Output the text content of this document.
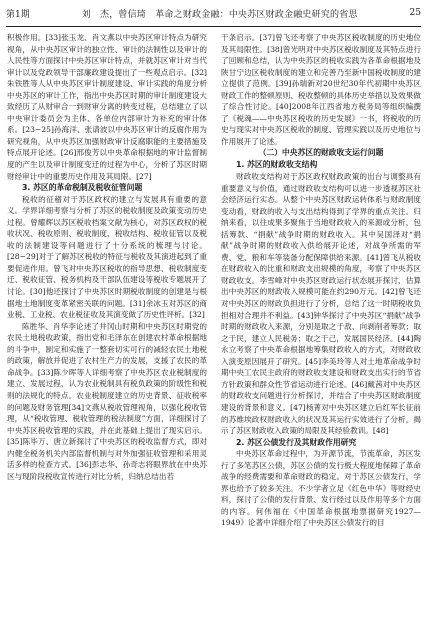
第1期	刘　杰，曾信琦　革命之财政金融：中央苏区财政金融史研究的省思	25

积极作用。[33]张玉龙、肖文燕以中央苏区审计特点为研究视角，从中央苏区审计的独立性、审计的法制性以及审计的人民性等方面探讨中央苏区审计特点，并就苏区审计对当代审计以及党政领导干部廉政建设提出了一些观点启示。[32]朱铁胜等人从中央苏区审计制度建设、审计实践的角度分析中央苏区的审计工作，指出中央苏区时期的审计制度建设大致经历了从财审合一到财审分离的转变过程，总结建立了以中央审计委员会为主体、各单位内部审计为补充的审计体系。[23−25]孙海洋、张请波以中央苏区审计的反腐作用为研究视角，从中央苏区加强财政审计反腐职能的主要措施及特点展开论述。[26]邢俊芳以中央革命根据地的审计监督制度的产生以及审计制度变迁的过程为中心，分析了苏区时期财经审计中的重要历史作用及其局限。[27]

3. 苏区的革命税制及税收征管问题

税收的征稽对于苏区政权的建立与发展具有重要的意义。学界详细考察与分析了苏区的税收制度及政策变动历史过程。曾耀辉以苏区税收档案文献为核心，对苏区政权的税收状况、税收原则、税收制度、税收结构、税收征管以及税收的法制建设等问题进行了十分系统的梳理与讨论。[28−29]对于了解苏区税收的特征与税收及其演进起到了重要促进作用。曾飞对中央苏区税收的指导思想、税收制度变迁、税收征管、税务机构及干部队伍建设等税收专题展开了讨论。[30]他还探讨了中央苏区时期税收制度的创建是与根据地土地制度变革紧密关联的问题。[31]余冰玉对苏区的商业税、工业税、农业税征收及其演变做了历史性评析。[32]

陈胜华、肖华李论述了井冈山时期和中央苏区时期党的农民土地税收政策，指出党和毛泽东在创建农村革命根据地的斗争中，制定和实施了一整套切实可行的减轻农民土地税的政策，解放并促进了农村生产力的发展，支援了农民的革命战争。[33]陈少晖等人详细考察了中央苏区农业税制度的建立、发展过程，认为农业税制具有税负政策的阶级性和税则的法规化的特点。农业税制度建立的历史背景、征收税率的问题及财务管理[34]文燕从税收管理视角，以强化税收管理，从“税收管理、税收管理的税法制度”方面，详细探讨了中央苏区税收管理的实践，并在此基础上提出了现实启示。[35]陈毕万、唐立新探讨了中央苏区的税收监督方式，即对内健全税务机关内部监督机制与对外加强征收管理和采用灵活多样的检查方式。[36]彭志华、孙奇志将眼界放在中央苏区与现阶段税收宣传进行对比分析，归纳总结出若

干条启示。[37]曾飞还考察了中央苏区税收制度的历史地位及其局限性。[38]曾光明对中央苏区税收制度及其特点进行了回顾和总结，认为中央苏区的税收实践为各革命根据地及陕甘宁边区税收制度的建立和完善乃至新中国税收制度的建立提供了范例。[39]孙瑞新对20世纪30年代初期中央苏区财政工作的整顿原则、税收整顿的具体历史举措以及效果做了综合性讨论。[40]2008年江西省地方税务局等组织编撰了《税魂——中央苏区税收的历史发展》一书，将税收的历史与现实对中央苏区税收的制度、管理实践以及历史地位与作用展开了论述。

（二）中央苏区的财政收支运行问题
1. 苏区的财政收支结构

财政收支结构对于苏区政权财政政策的出台与调整具有重要意义与价值，通过财政收支结构可以进一步透视苏区社会经济运行实态。从整个中央苏区财政运转体系与财政制度变动看，财政的收入与支出结构得到了学界的重点关注。归纳来看，以往成果多聚焦于当地财政收入的来源或分析，包括筹款、“捐献”战争时期的财政收入。其中吴国泽对“捐献”战争时期的财政收入供给展开论述，对战争所需的军费、党、粮和车等装备分配保障供给来源。[41]曾飞从税收在财政收入的比重和财政支出规模的角度，考察了中央苏区财政收支。李雪峰对中央苏区财政运行状态展开探讨，估算出中央苏区的财政收入规模可能在约290万元。[42]曾飞还对中央苏区的财政负担进行了分析，总结了这一时期税收负担相对合理并不利益。[43]钟华探讨了中央苏区“捐献”战争时期的财政收入来源，分别是取之于敌、向剥削者筹款；取之于民，建立人民税务；取之于己，发展国民经济。[44]陶永立考察了中央革命根据地筹集财政收入的方式，对财政收入演变原因展开了研究。[45]李美玲等人对土地革命战争时期中央工农民主政府的财政收支建设和财政支出实行的节省方针政策和群众性节省运动进行论述。[46]戴茜对中央苏区的财政收支问题进行分析探讨，并结合了中央苏区财政制度建设的背景和意义。[47]杨菁对中央苏区建立后红军长征前的苏维埃政权财政收入的状况及其运行实效进行了分析，揭示了苏区财政收入政策的局限及其经验教训。[48]

2. 苏区公债发行及其财政作用研究

中央苏区革命过程中，为开源节流，节流革命，苏区发行了多笔苏区公债，苏区公债的发行极大程度地保障了革命战争的经费需要和革命财政的稳定。对于苏区公债发行，学界也给予了较多关注。不少学者立足《红色中华》等财经史料，探讨了公债的发行背景、发行经过以及作用等多个方面的内容。何伟福在《中国革命根据地票据研究1927—1949》论著中详细介绍了中央苏区公债发行的目
